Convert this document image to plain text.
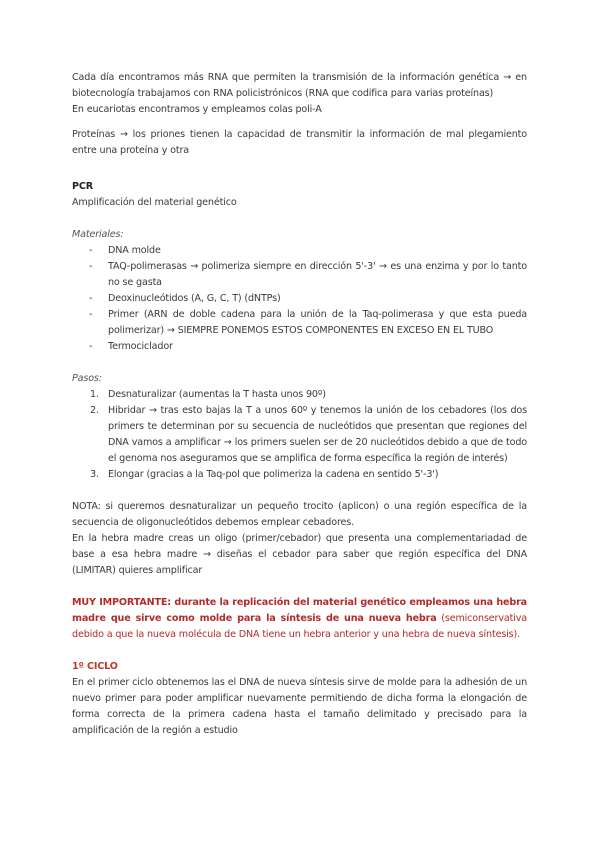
Cada día encontramos más RNA que permiten la transmisión de la información genética → en biotecnología trabajamos con RNA policistrónicos (RNA que codifica para varias proteínas)

En eucariotas encontramos y empleamos colas poli-A

Proteínas → los priones tienen la capacidad de transmitir la información de mal plegamiento entre una proteína y otra

PCR

Amplificación del material genético

Materiales:

- DNA molde
- TAQ-polimerasas → polimeriza siempre en dirección 5'-3' → es una enzima y por lo tanto no se gasta
- Deoxinucleótidos (A, G, C, T) (dNTPs)
- Primer (ARN de doble cadena para la unión de la Taq-polimerasa y que esta pueda polimerizar) → SIEMPRE PONEMOS ESTOS COMPONENTES EN EXCESO EN EL TUBO
- Termociclador

Pasos:

1. Desnaturalizar (aumentas la T hasta unos 90º)
2. Hibridar → tras esto bajas la T a unos 60º y tenemos la unión de los cebadores (los dos primers te determinan por su secuencia de nucleótidos que presentan que regiones del DNA vamos a amplificar → los primers suelen ser de 20 nucleótidos debido a que de todo el genoma nos aseguramos que se amplifica de forma específica la región de interés)
3. Elongar (gracias a la Taq-pol que polimeriza la cadena en sentido 5'-3')

NOTA: si queremos desnaturalizar un pequeño trocito (aplicon) o una región específica de la secuencia de oligonucleótidos debemos emplear cebadores.

En la hebra madre creas un oligo (primer/cebador) que presenta una complementariadad de base a esa hebra madre → diseñas el cebador para saber que región específica del DNA (LIMITAR) quieres amplificar

MUY IMPORTANTE: durante la replicación del material genético empleamos una hebra madre que sirve como molde para la síntesis de una nueva hebra (semiconservativa debido a que la nueva molécula de DNA tiene un hebra anterior y una hebra de nueva síntesis).

1º CICLO

En el primer ciclo obtenemos las el DNA de nueva síntesis sirve de molde para la adhesión de un nuevo primer para poder amplificar nuevamente permitiendo de dicha forma la elongación de forma correcta de la primera cadena hasta el tamaño delimitado y precisado para la amplificación de la región a estudio
